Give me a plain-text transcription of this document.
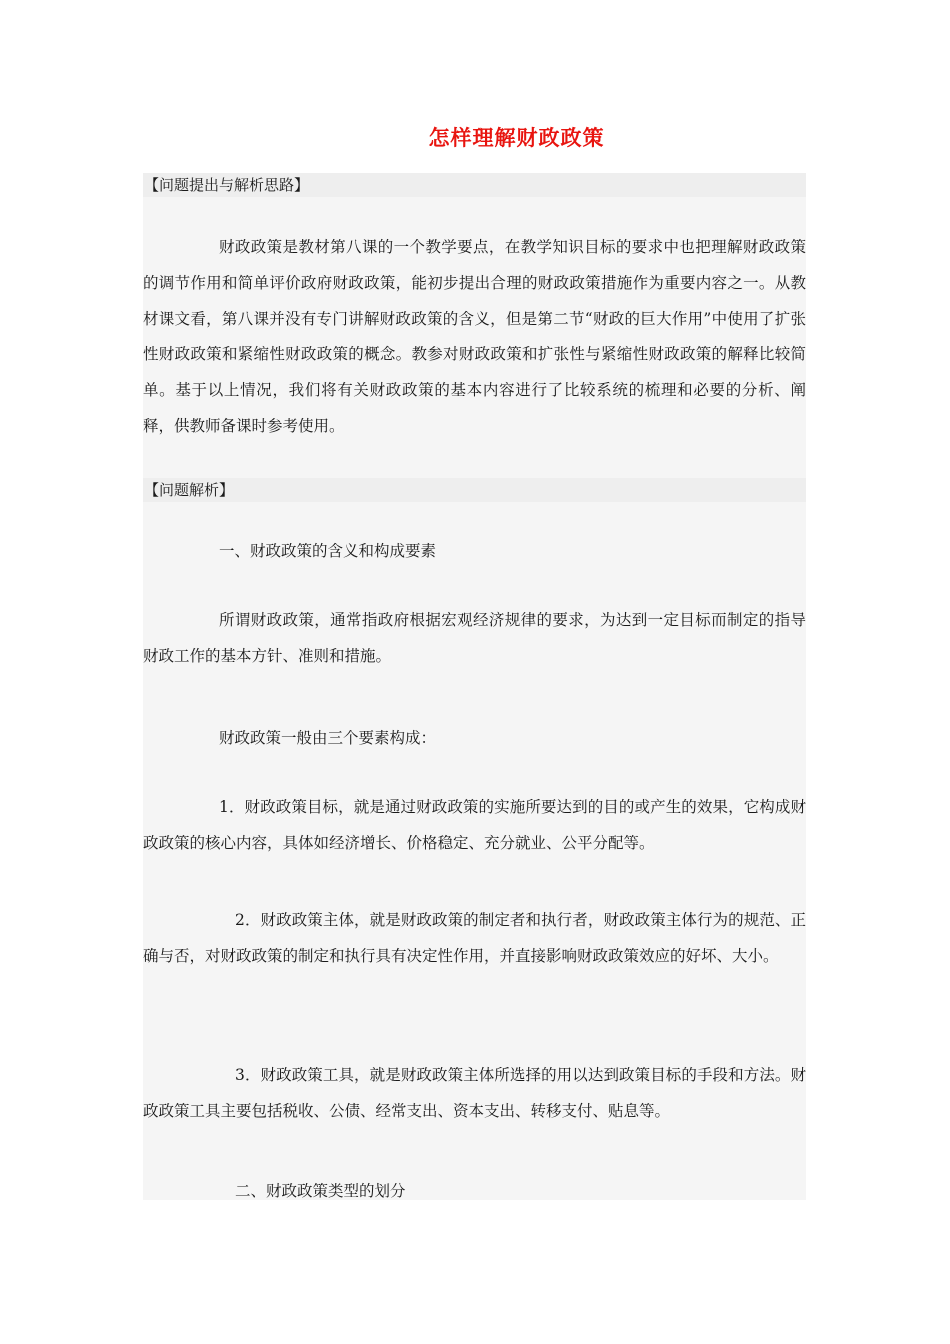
怎样理解财政政策
【问题提出与解析思路】

财政政策是教材第八课的一个教学要点，在教学知识目标的要求中也把理解财政政策的调节作用和简单评价政府财政政策，能初步提出合理的财政政策措施作为重要内容之一。从教材课文看，第八课并没有专门讲解财政政策的含义，但是第二节“财政的巨大作用”中使用了扩张性财政政策和紧缩性财政政策的概念。教参对财政政策和扩张性与紧缩性财政政策的解释比较简单。基于以上情况，我们将有关财政政策的基本内容进行了比较系统的梳理和必要的分析、阐释，供教师备课时参考使用。

【问题解析】
一、财政政策的含义和构成要素

所谓财政政策，通常指政府根据宏观经济规律的要求，为达到一定目标而制定的指导财政工作的基本方针、准则和措施。

财政政策一般由三个要素构成：

1．财政政策目标，就是通过财政政策的实施所要达到的目的或产生的效果，它构成财政政策的核心内容，具体如经济增长、价格稳定、充分就业、公平分配等。

2．财政政策主体，就是财政政策的制定者和执行者，财政政策主体行为的规范、正确与否，对财政政策的制定和执行具有决定性作用，并直接影响财政政策效应的好坏、大小。

3．财政政策工具，就是财政政策主体所选择的用以达到政策目标的手段和方法。财政政策工具主要包括税收、公债、经常支出、资本支出、转移支付、贴息等。

二、财政政策类型的划分
